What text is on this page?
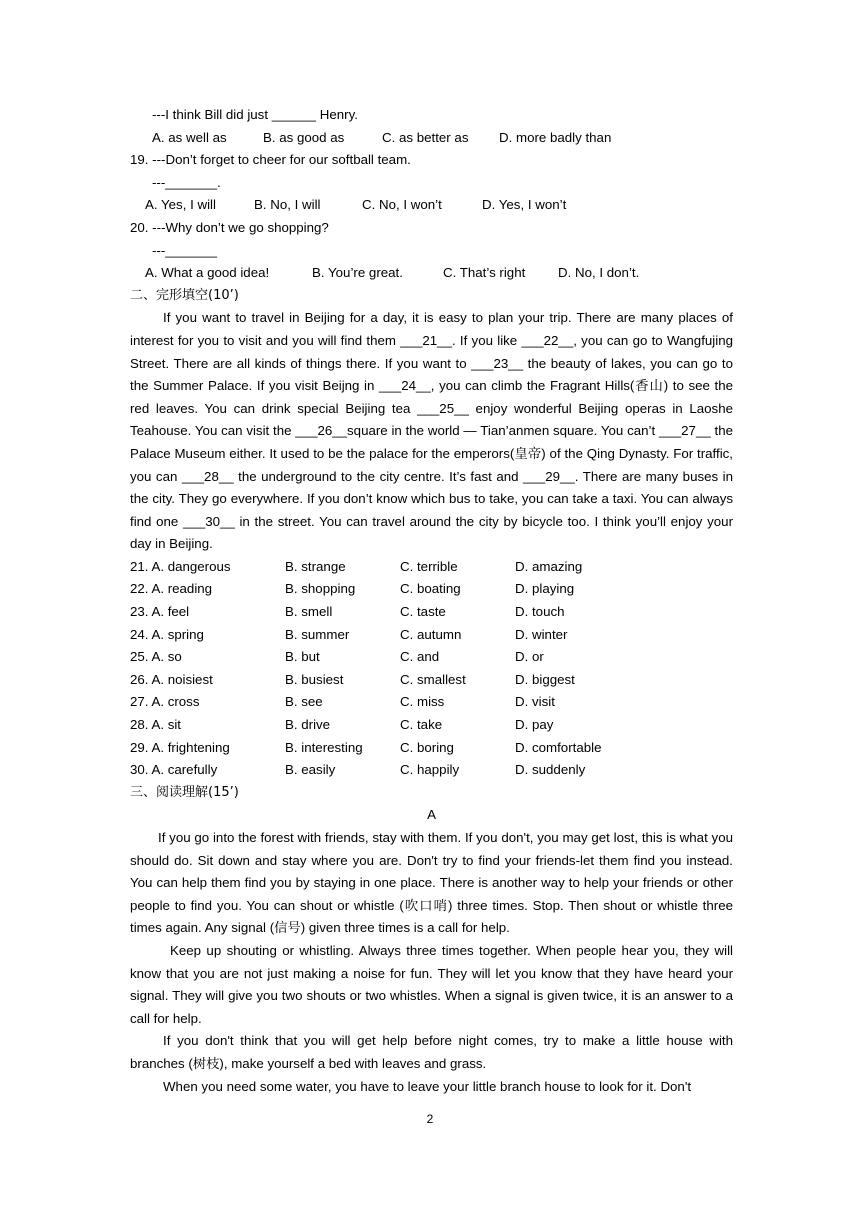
---I think Bill did just ______ Henry.
A. as well as	B. as good as	C. as better as D. more badly than
19. ---Don’t forget to cheer for our softball team.
---_______.
A. Yes, I will	B. No, I will	C. No, I won’t	D. Yes, I won’t
20. ---Why don’t we go shopping?
---_______
A. What a good idea!	B. You’re great.	C. That’s right D. No, I don’t.
二、完形填空(10’)

If you want to travel in Beijing for a day, it is easy to plan your trip. There are many places of interest for you to visit and you will find them ___21__. If you like ___22__, you can go to Wangfujing Street. There are all kinds of things there. If you want to ___23__ the beauty of lakes, you can go to the Summer Palace. If you visit Beijng in ___24__, you can climb the Fragrant Hills(香山) to see the red leaves. You can drink special Beijing tea ___25__ enjoy wonderful Beijing operas in Laoshe Teahouse. You can visit the ___26__square in the world — Tian’anmen square. You can’t ___27__ the Palace Museum either. It used to be the palace for the emperors(皇帝) of the Qing Dynasty. For traffic, you can ___28__ the underground to the city centre. It’s fast and ___29__. There are many buses in the city. They go everywhere. If you don’t know which bus to take, you can take a taxi. You can always find one ___30__ in the street. You can travel around the city by bicycle too. I think you’ll enjoy your day in Beijing.

21. A. dangerous	B. strange	C. terrible	D. amazing
22. A. reading	B. shopping	C. boating	D. playing
23. A. feel	B. smell	C. taste	D. touch
24. A. spring	B. summer	C. autumn	D. winter
25. A. so	B. but	C. and	D. or
26. A. noisiest	B. busiest	C. smallest	D. biggest
27. A. cross	B. see	C. miss	D. visit
28. A. sit	B. drive	C. take	D. pay
29. A. frightening	B. interesting	C. boring	D. comfortable
30. A. carefully	B. easily	C. happily	D. suddenly
三、阅读理解(15’)
A

If you go into the forest with friends, stay with them. If you don't, you may get lost, this is what you should do. Sit down and stay where you are. Don't try to find your friends-let them find you instead. You can help them find you by staying in one place. There is another way to help your friends or other people to find you. You can shout or whistle (吹口哨) three times. Stop. Then shout or whistle three times again. Any signal (信号) given three times is a call for help.

Keep up shouting or whistling. Always three times together. When people hear you, they will know that you are not just making a noise for fun. They will let you know that they have heard your signal. They will give you two shouts or two whistles. When a signal is given twice, it is an answer to a call for help.

If you don't think that you will get help before night comes, try to make a little house with branches (树枝), make yourself a bed with leaves and grass.

When you need some water, you have to leave your little branch house to look for it. Don't

2
